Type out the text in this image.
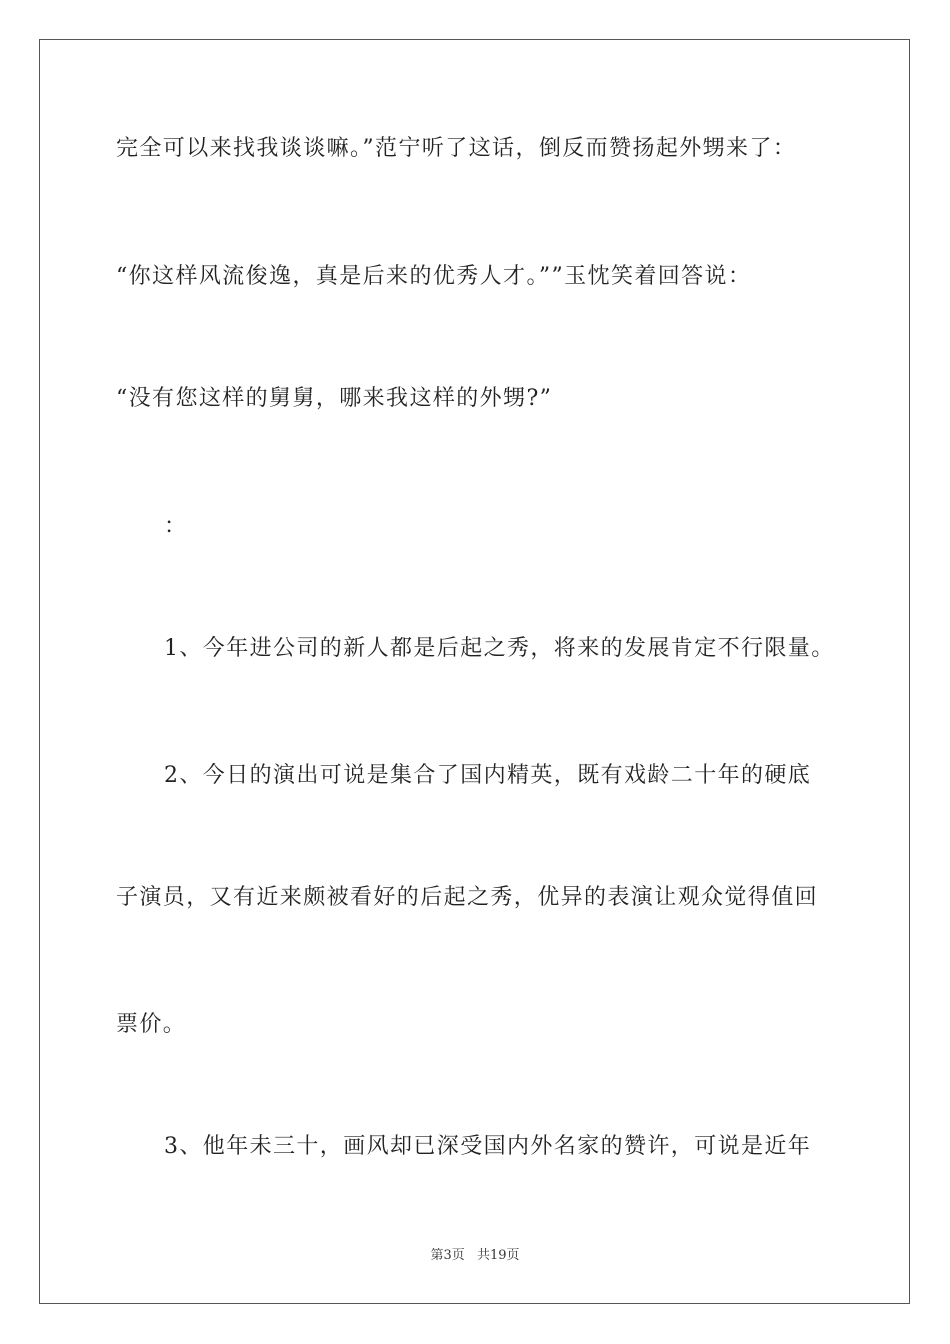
完全可以来找我谈谈嘛。”范宁听了这话，倒反而赞扬起外甥来了：
“你这样风流俊逸，真是后来的优秀人才。””玉忱笑着回答说：
“没有您这样的舅舅，哪来我这样的外甥?”
：
1、今年进公司的新人都是后起之秀，将来的发展肯定不行限量。
2、今日的演出可说是集合了国内精英，既有戏龄二十年的硬底
子演员，又有近来颇被看好的后起之秀，优异的表演让观众觉得值回
票价。
3、他年未三十，画风却已深受国内外名家的赞许，可说是近年
第3页 共19页
